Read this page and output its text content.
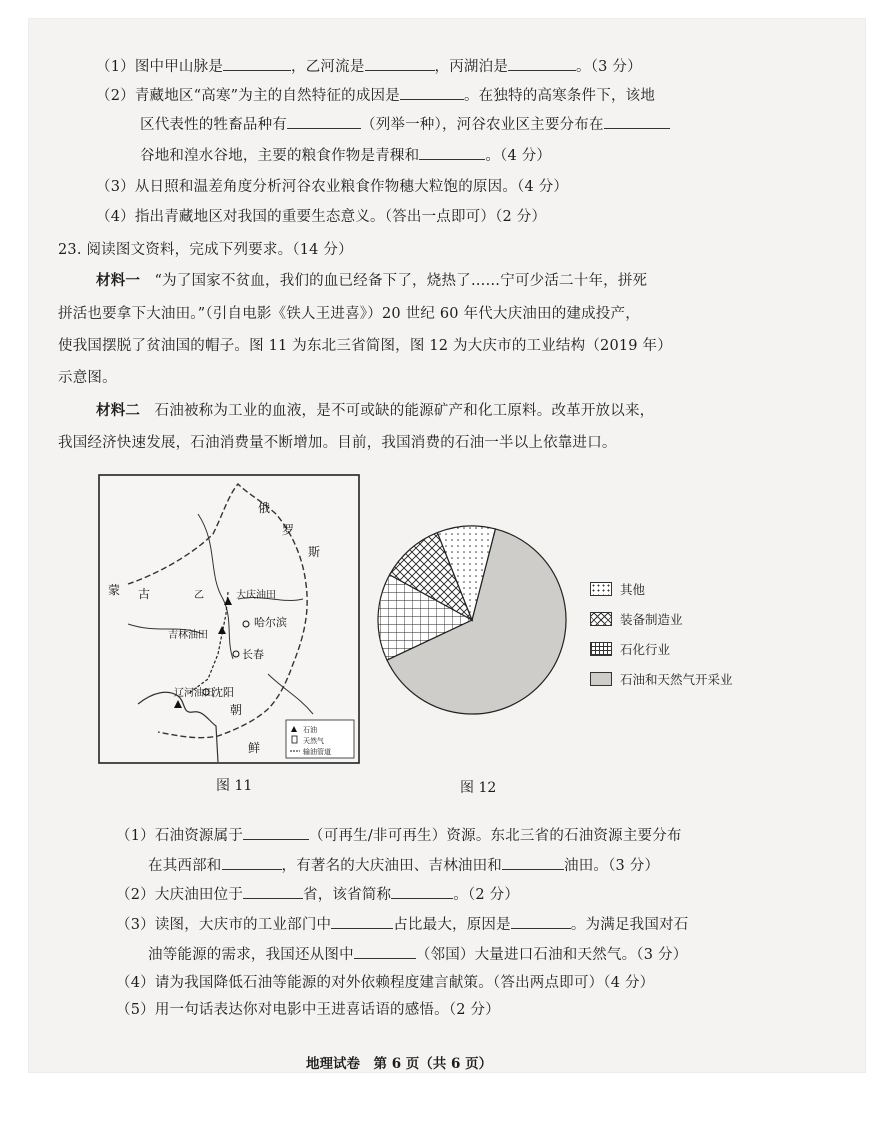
（1）图中甲山脉是	，乙河流是	，丙湖泊是	。（3 分）
（2）青藏地区“高寒”为主的自然特征的成因是	。在独特的高寒条件下，该地
区代表性的牲畜品种有	（列举一种），河谷农业区主要分布在
谷地和湟水谷地，主要的粮食作物是青稞和	。（4 分）
（3）从日照和温差角度分析河谷农业粮食作物穗大粒饱的原因。（4 分）
（4）指出青藏地区对我国的重要生态意义。（答出一点即可）（2 分）
23. 阅读图文资料，完成下列要求。（14 分）
材料一 “为了国家不贫血，我们的血已经备下了，烧热了……宁可少活二十年，拼死
拼活也要拿下大油田。”（引自电影《铁人王进喜》）20 世纪 60 年代大庆油田的建成投产，
使我国摆脱了贫油国的帽子。图 11 为东北三省简图，图 12 为大庆市的工业结构（2019 年）
示意图。
材料二 石油被称为工业的血液，是不可或缺的能源矿产和化工原料。改革开放以来，
我国经济快速发展，石油消费量不断增加。目前，我国消费的石油一半以上依靠进口。
俄
罗
斯
蒙 古	大庆油田
哈尔滨
吉林油田
长春
辽河油田
沈阳
朝
鲜
乙
石油
天然气
输油管道
图 11	图 12
其他
装备制造业
石化行业
石油和天然气开采业
（1）石油资源属于	（可再生/非可再生）资源。东北三省的石油资源主要分布
在其西部和	，有著名的大庆油田、吉林油田和	油田。（3 分）
（2）大庆油田位于	省，该省简称	。（2 分）
（3）读图，大庆市的工业部门中	占比最大，原因是	。为满足我国对石
油等能源的需求，我国还从图中	（邻国）大量进口石油和天然气。（3 分）
（4）请为我国降低石油等能源的对外依赖程度建言献策。（答出两点即可）（4 分）
（5）用一句话表达你对电影中王进喜话语的感悟。（2 分）
地理试卷　第 6 页（共 6 页）
